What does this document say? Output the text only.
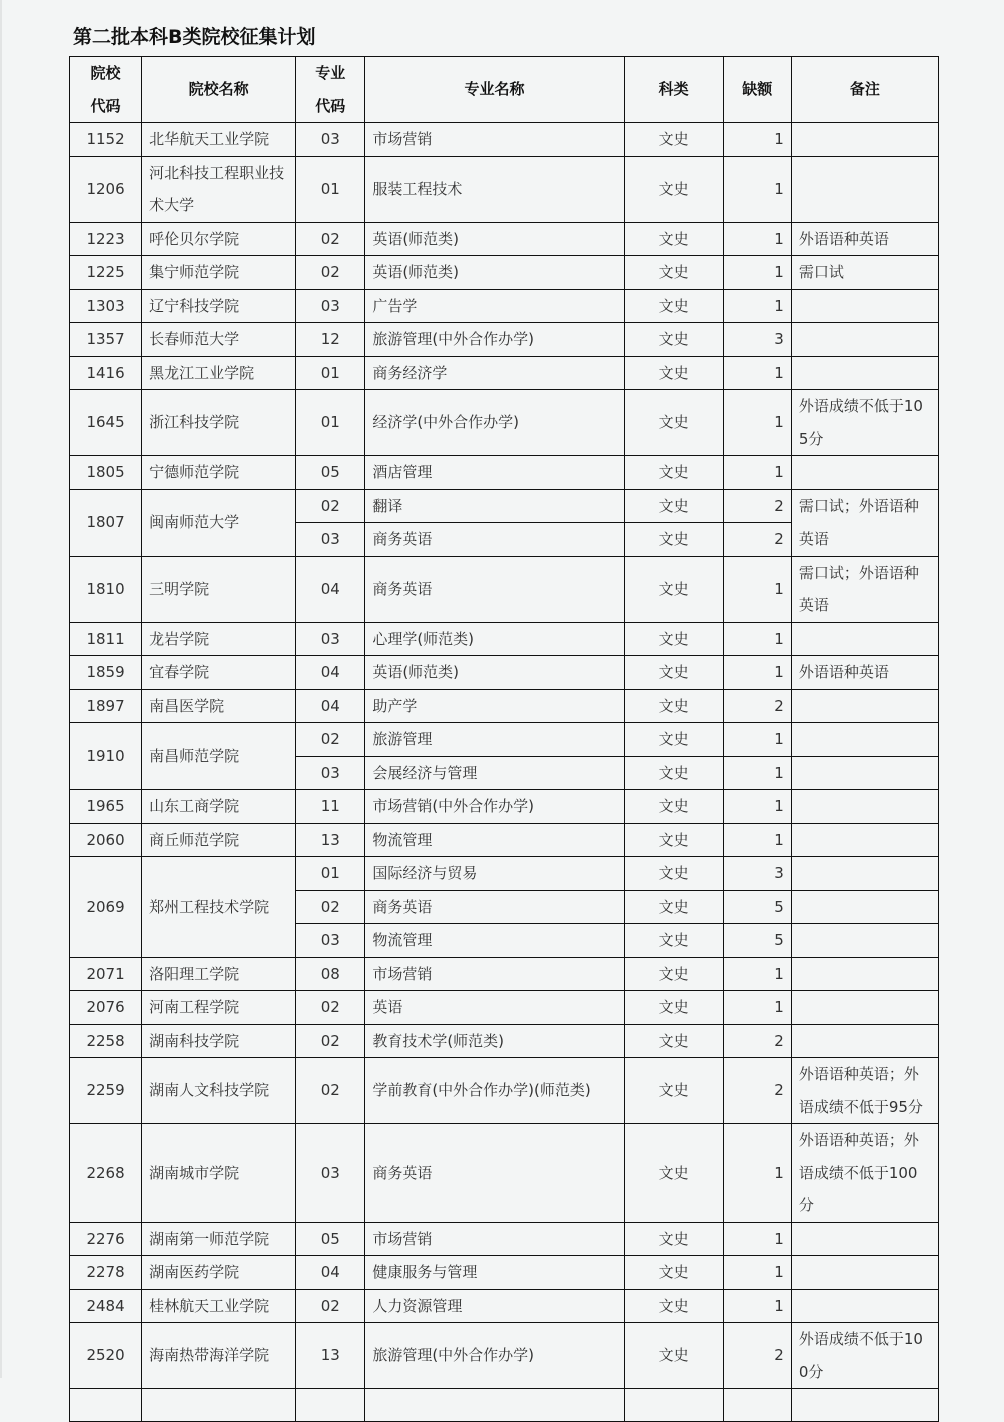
第二批本科B类院校征集计划
院校代码	院校名称	专业代码	专业名称	科类	缺额	备注
1152	北华航天工业学院	03	市场营销	文史	1	
1206	河北科技工程职业技术大学	01	服装工程技术	文史	1	
1223	呼伦贝尔学院	02	英语(师范类)	文史	1	外语语种英语
1225	集宁师范学院	02	英语(师范类)	文史	1	需口试
1303	辽宁科技学院	03	广告学	文史	1	
1357	长春师范大学	12	旅游管理(中外合作办学)	文史	3	
1416	黑龙江工业学院	01	商务经济学	文史	1	
1645	浙江科技学院	01	经济学(中外合作办学)	文史	1	外语成绩不低于105分
1805	宁德师范学院	05	酒店管理	文史	1	
1807	闽南师范大学	02	翻译	文史	2	需口试；外语语种英语
		03	商务英语	文史	2	
1810	三明学院	04	商务英语	文史	1	需口试；外语语种英语
1811	龙岩学院	03	心理学(师范类)	文史	1	
1859	宜春学院	04	英语(师范类)	文史	1	外语语种英语
1897	南昌医学院	04	助产学	文史	2	
1910	南昌师范学院	02	旅游管理	文史	1	
		03	会展经济与管理	文史	1	
1965	山东工商学院	11	市场营销(中外合作办学)	文史	1	
2060	商丘师范学院	13	物流管理	文史	1	
2069	郑州工程技术学院	01	国际经济与贸易	文史	3	
		02	商务英语	文史	5	
		03	物流管理	文史	5	
2071	洛阳理工学院	08	市场营销	文史	1	
2076	河南工程学院	02	英语	文史	1	
2258	湖南科技学院	02	教育技术学(师范类)	文史	2	
2259	湖南人文科技学院	02	学前教育(中外合作办学)(师范类)	文史	2	外语语种英语；外语成绩不低于95分
2268	湖南城市学院	03	商务英语	文史	1	外语语种英语；外语成绩不低于100分
2276	湖南第一师范学院	05	市场营销	文史	1	
2278	湖南医药学院	04	健康服务与管理	文史	1	
2484	桂林航天工业学院	02	人力资源管理	文史	1	
2520	海南热带海洋学院	13	旅游管理(中外合作办学)	文史	2	外语成绩不低于100分
